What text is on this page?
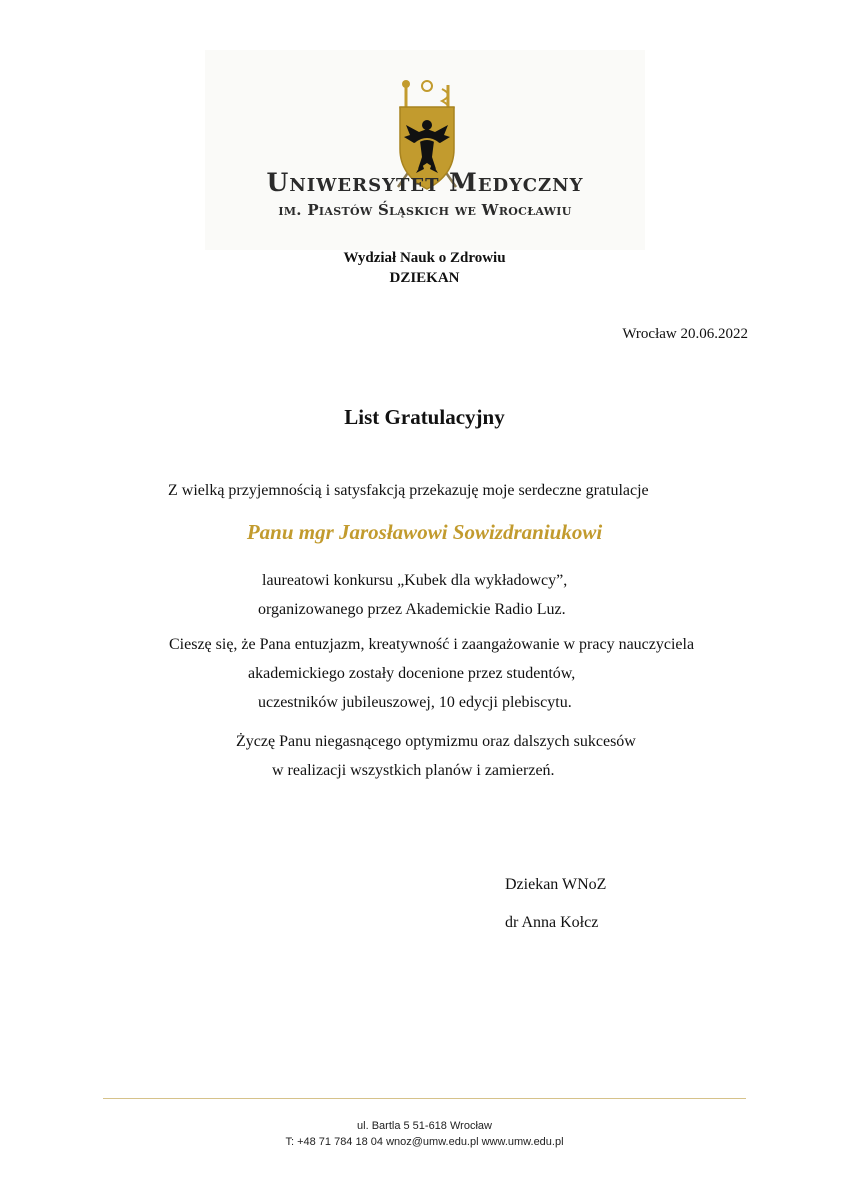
Uniwersytet Medyczny
im. Piastów Śląskich we Wrocławiu
Wydział Nauk o Zdrowiu
DZIEKAN
Wrocław 20.06.2022
List Gratulacyjny
Z wielką przyjemnością i satysfakcją przekazuję moje serdeczne gratulacje
Panu mgr Jarosławowi Sowizdraniukowi
laureatowi konkursu „Kubek dla wykładowcy”,
organizowanego przez Akademickie Radio Luz.
Cieszę się, że Pana entuzjazm, kreatywność i zaangażowanie w pracy nauczyciela
akademickiego zostały docenione przez studentów,
uczestników jubileuszowej, 10 edycji plebiscytu.
Życzę Panu niegasnącego optymizmu oraz dalszych sukcesów
w realizacji wszystkich planów i zamierzeń.
Dziekan WNoZ
dr Anna Kołcz
ul. Bartla 5 51-618 Wrocław
T: +48 71 784 18 04 wnoz@umw.edu.pl www.umw.edu.pl
